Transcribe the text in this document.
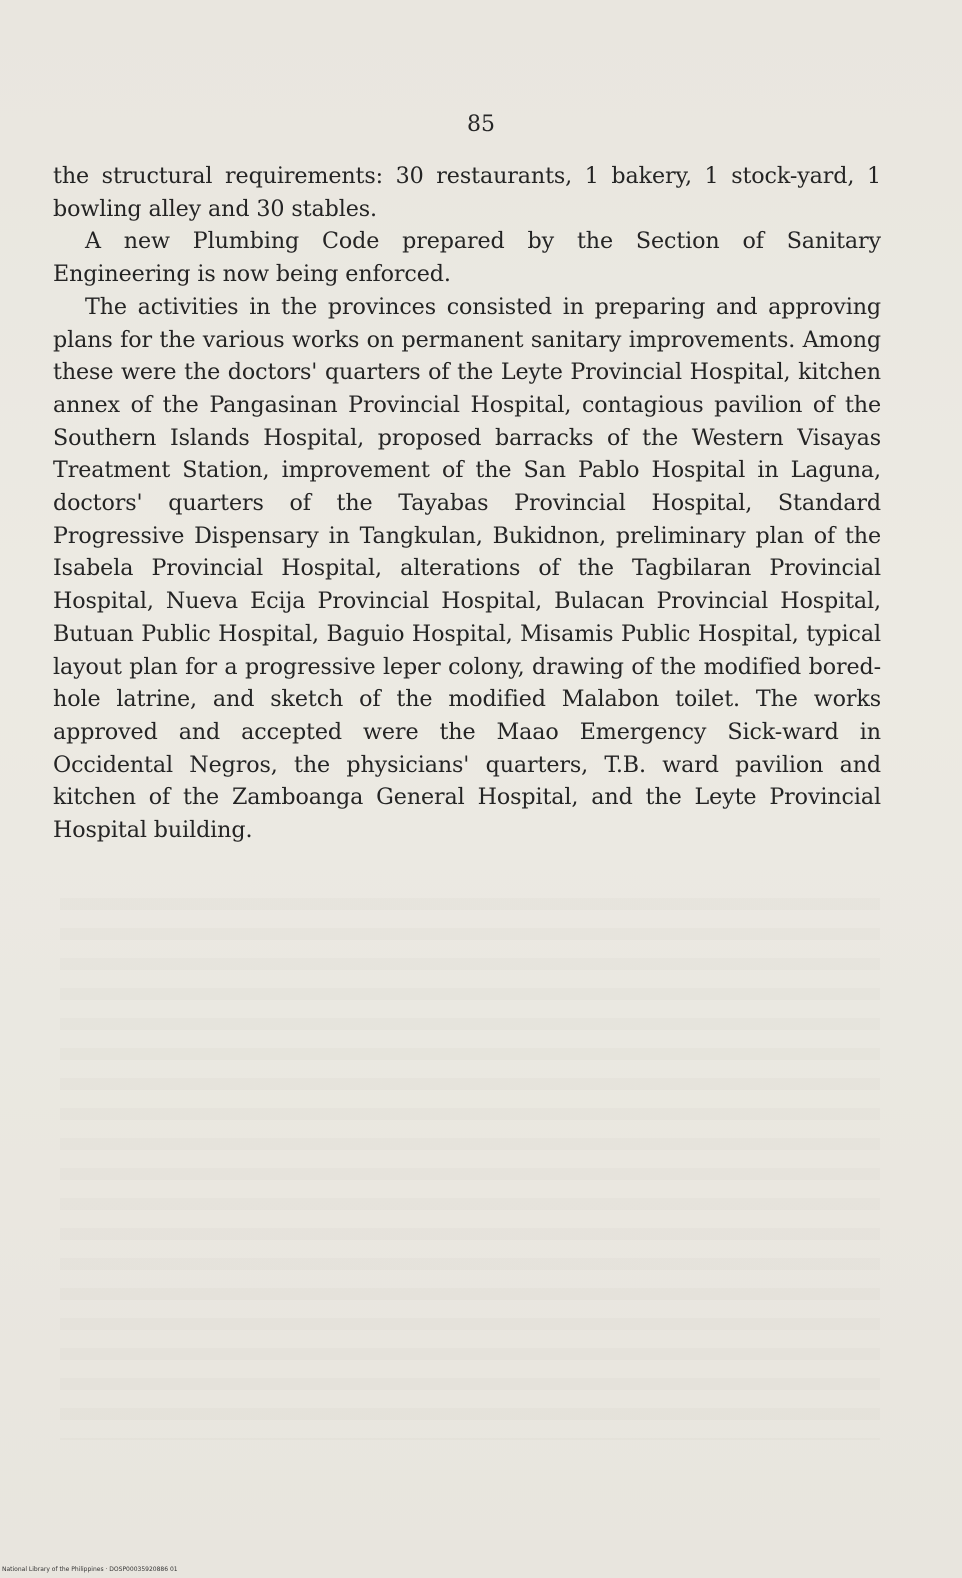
85

the structural requirements: 30 restaurants, 1 bakery, 1 stock-yard, 1 bowling alley and 30 stables.

A new Plumbing Code prepared by the Section of Sanitary Engineering is now being enforced.

The activities in the provinces consisted in preparing and approving plans for the various works on permanent sanitary improvements. Among these were the doctors' quarters of the Leyte Provincial Hospital, kitchen annex of the Pangasinan Provincial Hospital, contagious pavilion of the Southern Islands Hospital, proposed barracks of the Western Visayas Treatment Station, improvement of the San Pablo Hospital in Laguna, doctors' quarters of the Tayabas Provincial Hospital, Standard Progressive Dispensary in Tangkulan, Bukidnon, preliminary plan of the Isabela Provincial Hospital, alterations of the Tagbilaran Provincial Hospital, Nueva Ecija Provincial Hospital, Bulacan Provincial Hospital, Butuan Public Hospital, Baguio Hospital, Misamis Public Hospital, typical layout plan for a progressive leper colony, drawing of the modified bored-hole latrine, and sketch of the modified Malabon toilet. The works approved and accepted were the Maao Emergency Sick-ward in Occidental Negros, the physicians' quarters, T.B. ward pavilion and kitchen of the Zamboanga General Hospital, and the Leyte Provincial Hospital building.

National Library of the Philippines · DOSP00035920886 01
